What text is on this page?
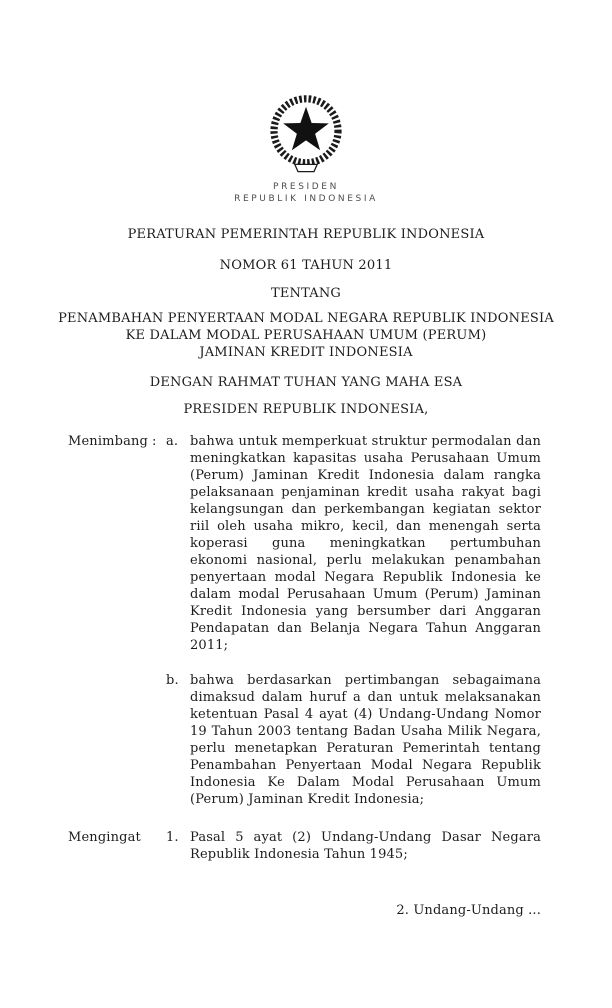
PRESIDEN
REPUBLIK INDONESIA
PERATURAN PEMERINTAH REPUBLIK INDONESIA
NOMOR 61 TAHUN 2011
TENTANG
PENAMBAHAN PENYERTAAN MODAL NEGARA REPUBLIK INDONESIA
KE DALAM MODAL PERUSAHAAN UMUM (PERUM)
JAMINAN KREDIT INDONESIA
DENGAN RAHMAT TUHAN YANG MAHA ESA
PRESIDEN REPUBLIK INDONESIA,
Menimbang : a. bahwa untuk memperkuat struktur permodalan dan meningkatkan kapasitas usaha Perusahaan Umum (Perum) Jaminan Kredit Indonesia dalam rangka pelaksanaan penjaminan kredit usaha rakyat bagi kelangsungan dan perkembangan kegiatan sektor riil oleh usaha mikro, kecil, dan menengah serta koperasi guna meningkatkan pertumbuhan ekonomi nasional, perlu melakukan penambahan penyertaan modal Negara Republik Indonesia ke dalam modal Perusahaan Umum (Perum) Jaminan Kredit Indonesia yang bersumber dari Anggaran Pendapatan dan Belanja Negara Tahun Anggaran 2011;
b. bahwa berdasarkan pertimbangan sebagaimana dimaksud dalam huruf a dan untuk melaksanakan ketentuan Pasal 4 ayat (4) Undang-Undang Nomor 19 Tahun 2003 tentang Badan Usaha Milik Negara, perlu menetapkan Peraturan Pemerintah tentang Penambahan Penyertaan Modal Negara Republik Indonesia Ke Dalam Modal Perusahaan Umum (Perum) Jaminan Kredit Indonesia;
Mengingat	1. Pasal 5 ayat (2) Undang-Undang Dasar Negara Republik Indonesia Tahun 1945;
2. Undang-Undang ...
